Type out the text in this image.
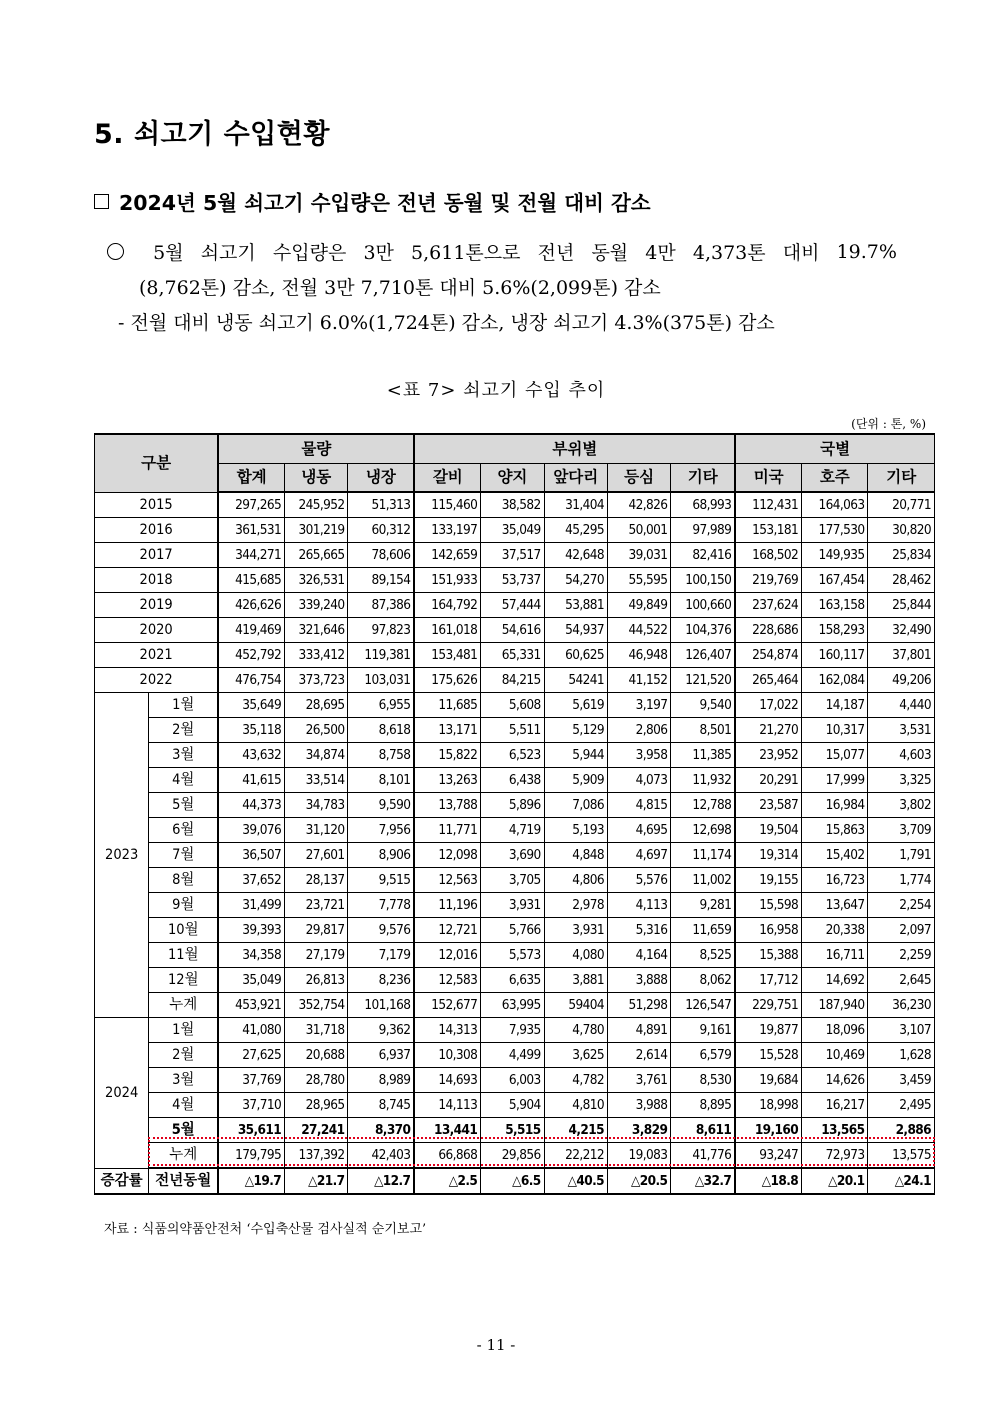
5. 쇠고기 수입현황
2024년 5월 쇠고기 수입량은 전년 동월 및 전월 대비 감소
5월 쇠고기 수입량은 3만 5,611톤으로 전년 동월 4만 4,373톤 대비 19.7%

(8,762톤) 감소, 전월 3만 7,710톤 대비 5.6%(2,099톤) 감소

- 전월 대비 냉동 쇠고기 6.0%(1,724톤) 감소, 냉장 쇠고기 4.3%(375톤) 감소

<표 7> 쇠고기 수입 추이

(단위 : 톤, %)

구분		물량			부위별					국별		
		합계	냉동	냉장	갈비	양지	앞다리	등심	기타	미국	호주	기타
2015		297,265	245,952	51,313	115,460	38,582	31,404	42,826	68,993	112,431	164,063	20,771
2016		361,531	301,219	60,312	133,197	35,049	45,295	50,001	97,989	153,181	177,530	30,820
2017		344,271	265,665	78,606	142,659	37,517	42,648	39,031	82,416	168,502	149,935	25,834
2018		415,685	326,531	89,154	151,933	53,737	54,270	55,595	100,150	219,769	167,454	28,462
2019		426,626	339,240	87,386	164,792	57,444	53,881	49,849	100,660	237,624	163,158	25,844
2020		419,469	321,646	97,823	161,018	54,616	54,937	44,522	104,376	228,686	158,293	32,490
2021		452,792	333,412	119,381	153,481	65,331	60,625	46,948	126,407	254,874	160,117	37,801
2022		476,754	373,723	103,031	175,626	84,215	54241	41,152	121,520	265,464	162,084	49,206
2023	1월	35,649	28,695	6,955	11,685	5,608	5,619	3,197	9,540	17,022	14,187	4,440
	2월	35,118	26,500	8,618	13,171	5,511	5,129	2,806	8,501	21,270	10,317	3,531
	3월	43,632	34,874	8,758	15,822	6,523	5,944	3,958	11,385	23,952	15,077	4,603
	4월	41,615	33,514	8,101	13,263	6,438	5,909	4,073	11,932	20,291	17,999	3,325
	5월	44,373	34,783	9,590	13,788	5,896	7,086	4,815	12,788	23,587	16,984	3,802
	6월	39,076	31,120	7,956	11,771	4,719	5,193	4,695	12,698	19,504	15,863	3,709
	7월	36,507	27,601	8,906	12,098	3,690	4,848	4,697	11,174	19,314	15,402	1,791
	8월	37,652	28,137	9,515	12,563	3,705	4,806	5,576	11,002	19,155	16,723	1,774
	9월	31,499	23,721	7,778	11,196	3,931	2,978	4,113	9,281	15,598	13,647	2,254
	10월	39,393	29,817	9,576	12,721	5,766	3,931	5,316	11,659	16,958	20,338	2,097
	11월	34,358	27,179	7,179	12,016	5,573	4,080	4,164	8,525	15,388	16,711	2,259
	12월	35,049	26,813	8,236	12,583	6,635	3,881	3,888	8,062	17,712	14,692	2,645
	누계	453,921	352,754	101,168	152,677	63,995	59404	51,298	126,547	229,751	187,940	36,230
2024	1월	41,080	31,718	9,362	14,313	7,935	4,780	4,891	9,161	19,877	18,096	3,107
	2월	27,625	20,688	6,937	10,308	4,499	3,625	2,614	6,579	15,528	10,469	1,628
	3월	37,769	28,780	8,989	14,693	6,003	4,782	3,761	8,530	19,684	14,626	3,459
	4월	37,710	28,965	8,745	14,113	5,904	4,810	3,988	8,895	18,998	16,217	2,495
	5월	35,611	27,241	8,370	13,441	5,515	4,215	3,829	8,611	19,160	13,565	2,886
	누계	179,795	137,392	42,403	66,868	29,856	22,212	19,083	41,776	93,247	72,973	13,575
증감률	전년동월	△19.7	△21.7	△12.7	△2.5	△6.5	△40.5	△20.5	△32.7	△18.8	△20.1	△24.1

자료 : 식품의약품안전처 ‘수입축산물 검사실적 순기보고’

- 11 -
